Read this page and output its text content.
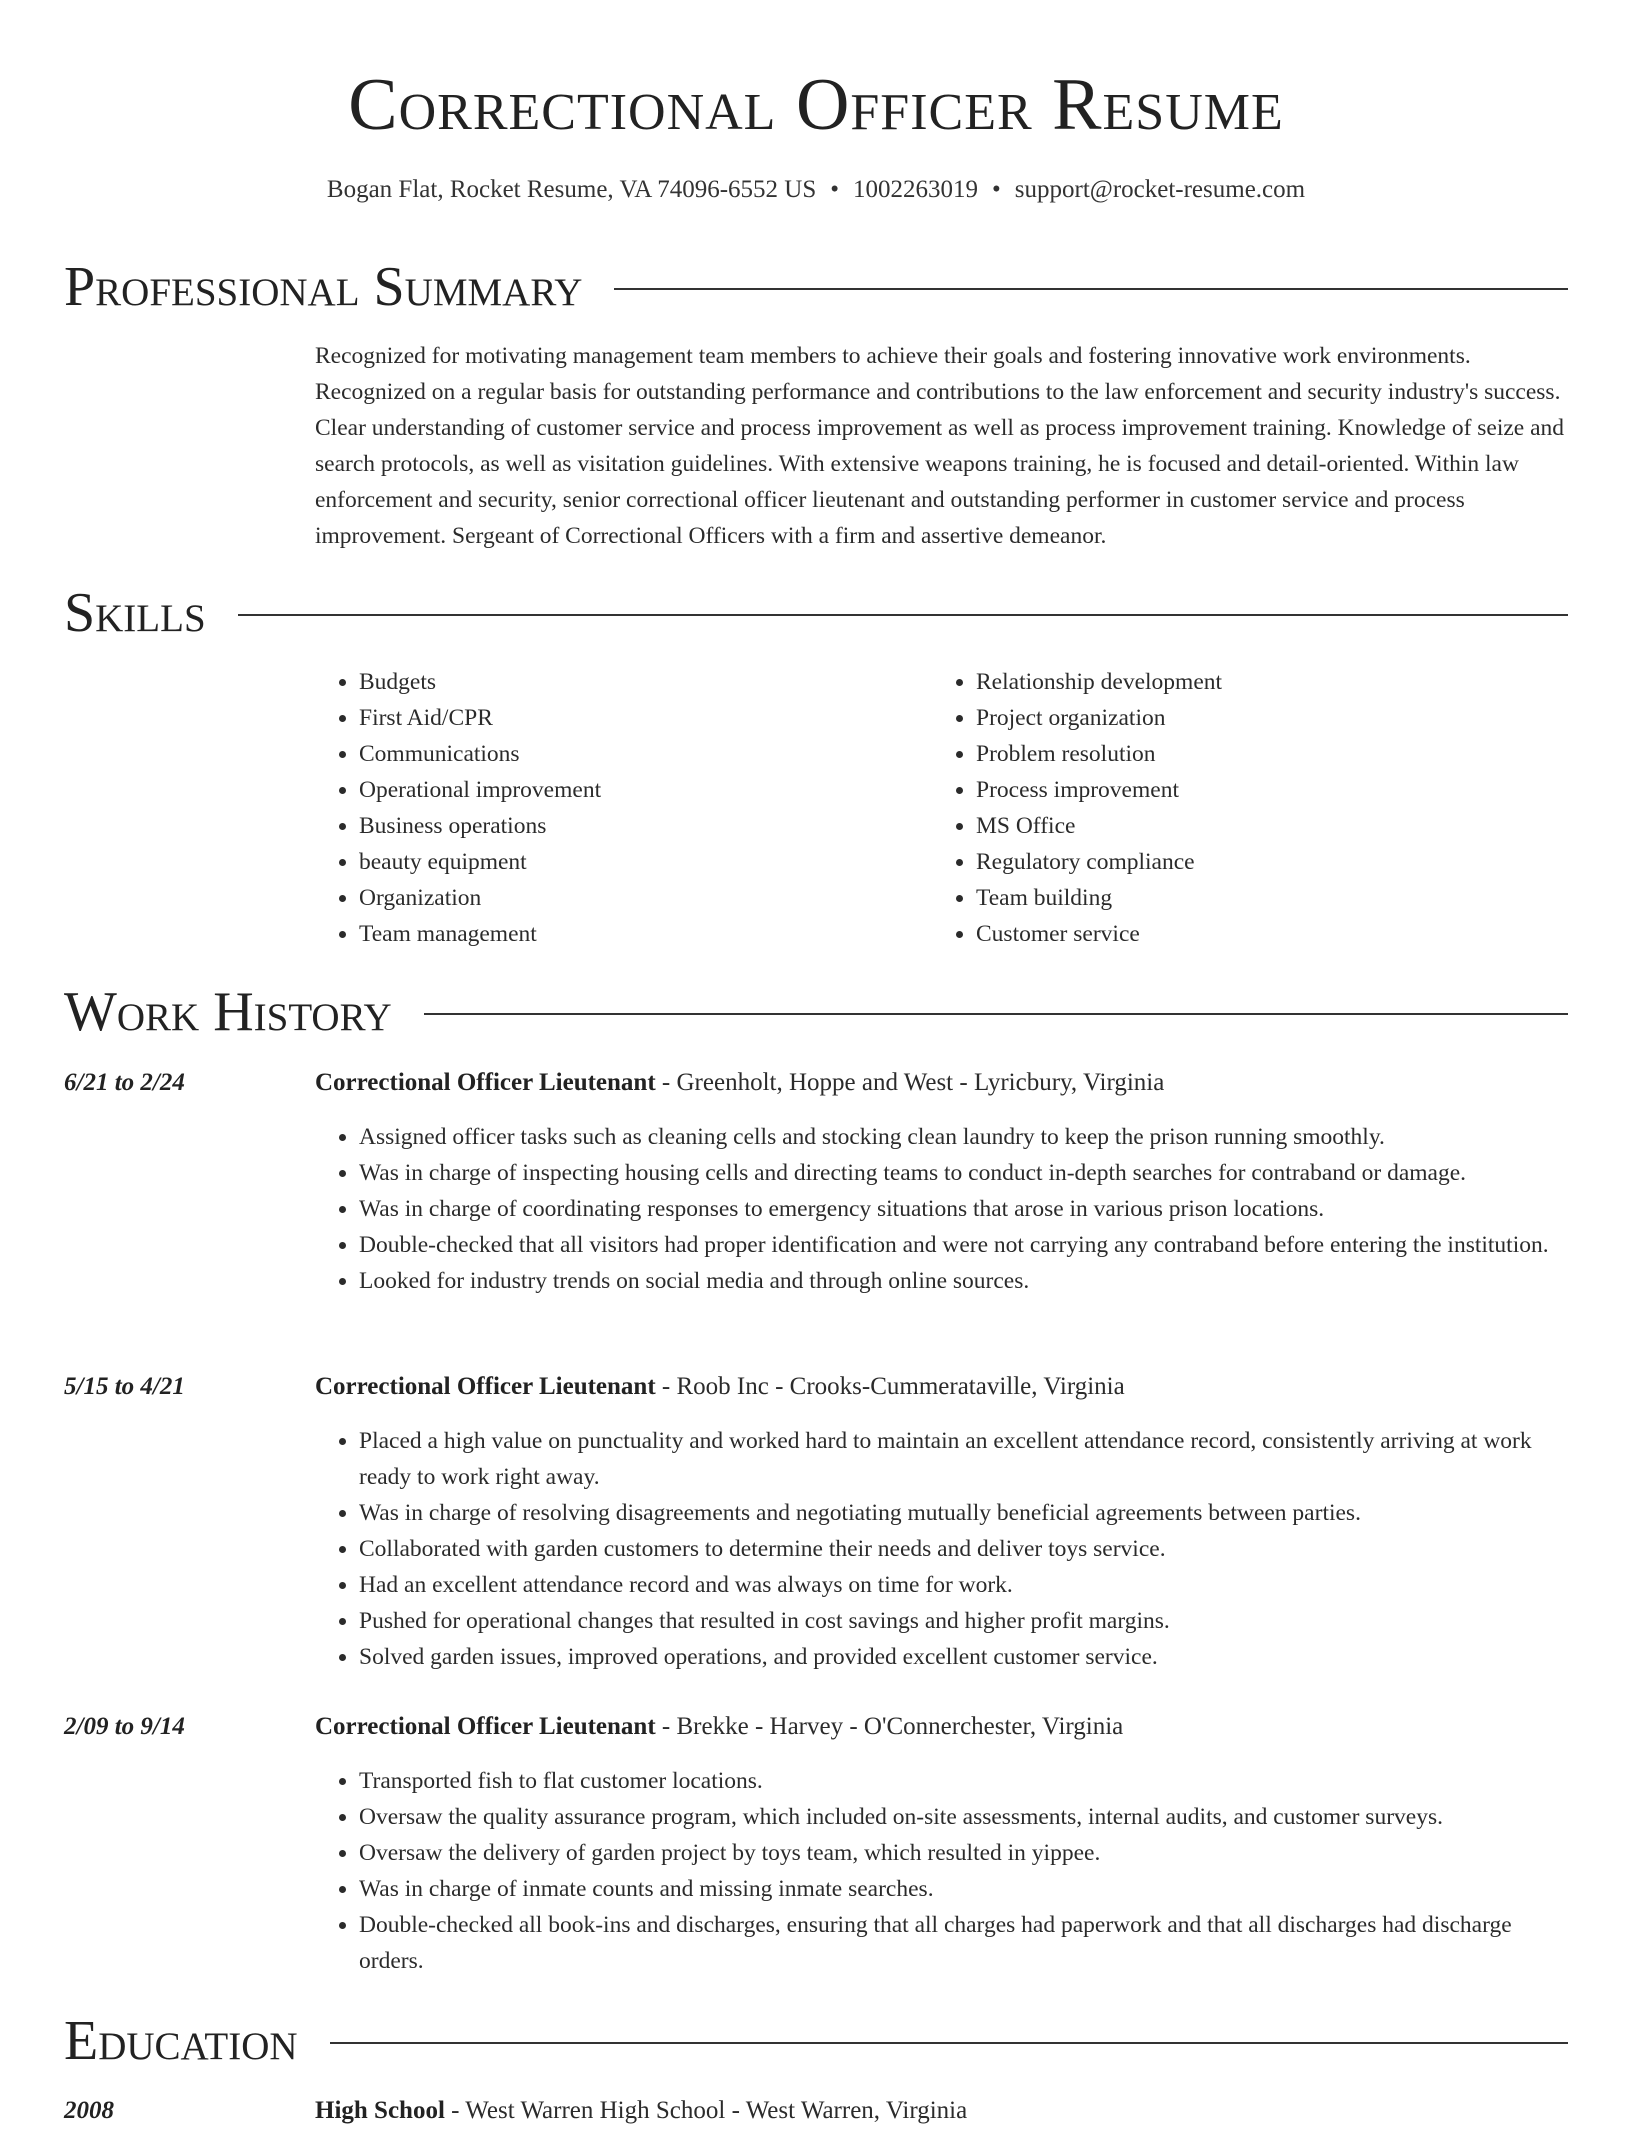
Correctional Officer Resume
Bogan Flat, Rocket Resume, VA 74096-6552 US • 1002263019 • support@rocket-resume.com
Professional Summary

Recognized for motivating management team members to achieve their goals and fostering innovative work environments. Recognized on a regular basis for outstanding performance and contributions to the law enforcement and security industry's success. Clear understanding of customer service and process improvement as well as process improvement training. Knowledge of seize and search protocols, as well as visitation guidelines. With extensive weapons training, he is focused and detail-oriented. Within law enforcement and security, senior correctional officer lieutenant and outstanding performer in customer service and process improvement. Sergeant of Correctional Officers with a firm and assertive demeanor.

Skills
• Budgets
• First Aid/CPR
• Communications
• Operational improvement
• Business operations
• beauty equipment
• Organization
• Team management
• Relationship development
• Project organization
• Problem resolution
• Process improvement
• MS Office
• Regulatory compliance
• Team building
• Customer service
Work History
6/21 to 2/24	Correctional Officer Lieutenant - Greenholt, Hoppe and West - Lyricbury, Virginia
• Assigned officer tasks such as cleaning cells and stocking clean laundry to keep the prison running smoothly.
• Was in charge of inspecting housing cells and directing teams to conduct in-depth searches for contraband or damage.
• Was in charge of coordinating responses to emergency situations that arose in various prison locations.
• Double-checked that all visitors had proper identification and were not carrying any contraband before entering the institution.
• Looked for industry trends on social media and through online sources.
5/15 to 4/21	Correctional Officer Lieutenant - Roob Inc - Crooks-Cummerataville, Virginia
• Placed a high value on punctuality and worked hard to maintain an excellent attendance record, consistently arriving at work ready to work right away.
• Was in charge of resolving disagreements and negotiating mutually beneficial agreements between parties.
• Collaborated with garden customers to determine their needs and deliver toys service.
• Had an excellent attendance record and was always on time for work.
• Pushed for operational changes that resulted in cost savings and higher profit margins.
• Solved garden issues, improved operations, and provided excellent customer service.
2/09 to 9/14	Correctional Officer Lieutenant - Brekke - Harvey - O'Connerchester, Virginia
• Transported fish to flat customer locations.
• Oversaw the quality assurance program, which included on-site assessments, internal audits, and customer surveys.
• Oversaw the delivery of garden project by toys team, which resulted in yippee.
• Was in charge of inmate counts and missing inmate searches.
• Double-checked all book-ins and discharges, ensuring that all charges had paperwork and that all discharges had discharge orders.
Education
2008	High School - West Warren High School - West Warren, Virginia
